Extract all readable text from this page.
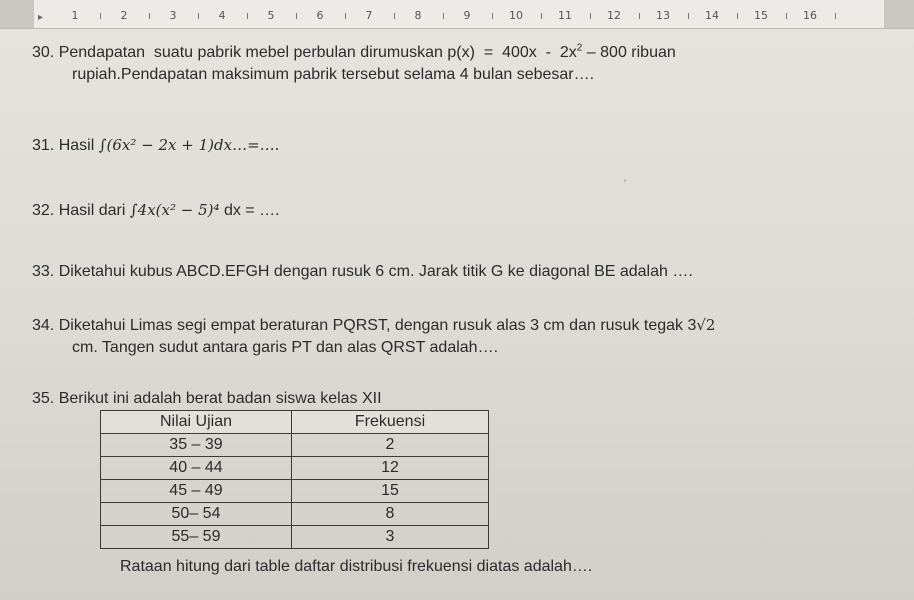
▸	1	2	3	4	5	6	7	8	9	10	11	12	13	14	15	16
30. Pendapatan  suatu pabrik mebel perbulan dirumuskan $p(x) = 400x - 2x^2 - 800$ ribuan
rupiah.Pendapatan maksimum pabrik tersebut selama 4 bulan sebesar….
31. Hasil ∫(6x² − 2x + 1)dx…=….
32. Hasil dari ∫4x(x² − 5)⁴ dx = ….
‘
33. Diketahui kubus ABCD.EFGH dengan rusuk 6 cm. Jarak titik G ke diagonal BE adalah ….
34. Diketahui Limas segi empat beraturan PQRST, dengan rusuk alas 3 cm dan rusuk tegak 3√2
cm. Tangen sudut antara garis PT dan alas QRST adalah….
35. Berikut ini adalah berat badan siswa kelas XII
Nilai Ujian	Frekuensi
35 – 39	2
40 – 44	12
45 – 49	15
50– 54	8
55– 59	3
Rataan hitung dari table daftar distribusi frekuensi diatas adalah….
